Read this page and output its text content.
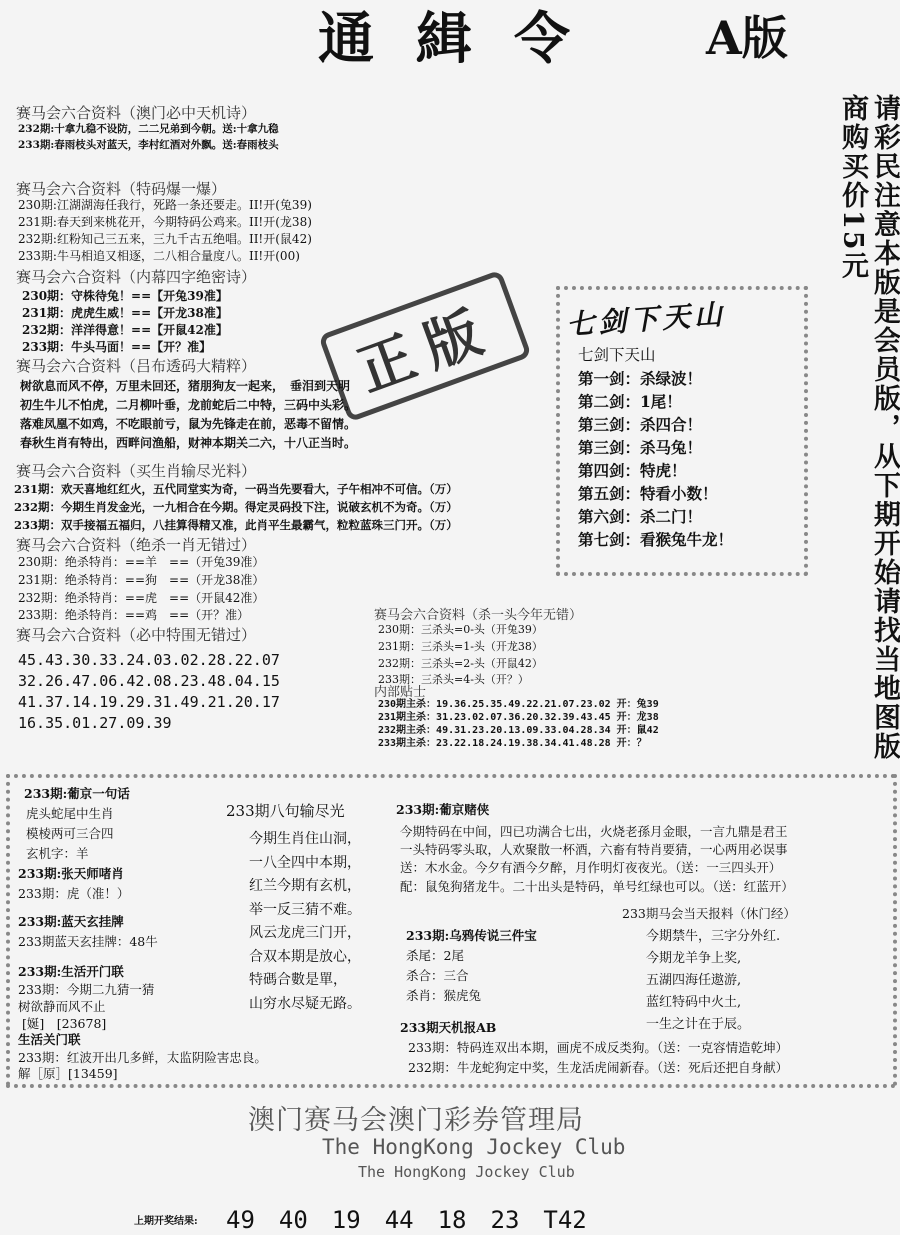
通緝令 A版
请彩民注意本版是会员版，从下期开始请找当地图版商购买价15元
赛马会六合资料（澳门必中天机诗）
232期:十拿九稳不设防，二二兄弟到今朝。送:十拿九稳
233期:春雨枝头对蓝天，李村红酒对外飘。送:春雨枝头
赛马会六合资料（特码爆一爆）
230期:江湖湖海任我行，死路一条还要走。II!开(兔39)
231期:春天到来桃花开，今期特码公鸡来。II!开(龙38)
232期:红粉知己三五来，三九千古五绝唱。II!开(鼠42)
233期:牛马相追又相逐，二八相合量度八。II!开(00)
赛马会六合资料（内幕四字绝密诗）
230期：守株待兔！==【开兔39准】
231期：虎虎生威！==【开龙38准】
232期：洋洋得意！==【开鼠42准】
233期：牛头马面！==【开？准】	正版
赛马会六合资料（吕布透码大精粹）
树欲息而风不停，万里未回还，猪朋狗友一起来，　垂泪到天明
初生牛儿不怕虎，二月柳叶垂，龙前蛇后二中特，三码中头彩。
落难凤凰不如鸡，不吃眼前亏，鼠为先锋走在前，恶毒不留情。
春秋生肖有特出，西畔问渔船，财神本期关二六，十八正当时。
赛马会六合资料（买生肖输尽光料）
231期：欢天喜地红红火，五代同堂实为奇，一码当先要看大，子午相冲不可信。（万）
232期：今期生肖发金光，一九相合在今期。得定灵码投下注，说破玄机不为奇。（万）
233期：双手接福五福归，八挂算得精又准，此肖平生最霸气，粒粒蓝珠三门开。（万）
赛马会六合资料（绝杀一肖无错过）
230期：绝杀特肖：==羊　==（开兔39准）
231期：绝杀特肖：==狗　==（开龙38准）
232期：绝杀特肖：==虎　==（开鼠42准）
233期：绝杀特肖：==鸡　==（开？准）
赛马会六合资料（必中特围无错过）
45.43.30.33.24.03.02.28.22.07
32.26.47.06.42.08.23.48.04.15
41.37.14.19.29.31.49.21.20.17
16.35.01.27.09.39
七剑下天山
七剑下天山
第一剑：杀绿波！
第二剑：1尾！
第三剑：杀四合！
第三剑：杀马兔！
第四剑：特虎！
第五剑：特看小数！
第六剑：杀二门！
第七剑：看猴兔牛龙！
赛马会六合资料（杀一头今年无错）
230期：三杀头=0-头（开兔39）
231期：三杀头=1-头（开龙38）
232期：三杀头=2-头（开鼠42）
233期：三杀头=4-头（开？）
内部贴士
230期主杀：19.36.25.35.49.22.21.07.23.02 开：兔39
231期主杀：31.23.02.07.36.20.32.39.43.45 开：龙38
232期主杀：49.31.23.20.13.09.33.04.28.34 开：鼠42
233期主杀：23.22.18.24.19.38.34.41.48.28 开：？
233期:葡京一句话
虎头蛇尾中生肖
模棱两可三合四
玄机字：羊
233期:张天师啫肖
233期：虎（准！）
233期:蓝天玄挂牌
233期蓝天玄挂牌：48牛
233期:生活开门联
233期：今期二九猜一猜
树欲静而风不止
[娫]　[23678]
生活关门联
233期：红波开出几多鲜，太监阴险害忠良。
解［原］[13459]
233期八句输尽光
今期生肖住山洞，
一八全四中本期，
红兰今期有玄机，
举一反三猜不难。
风云龙虎三门开，
合双本期是放心，
特碼合數是單，
山穷水尽疑无路。
233期:葡京赌侠
今期特码在中间，四已功满合七出，火烧老孫月金眼，一言九鼎是君王
一头特码零头取，人欢聚散一杯酒，六畜有特肖要猜，一心两用必误事
送：木水金。今夕有酒今夕醉，月作明灯夜夜光。（送：一三四头开）
配：鼠兔狗猪龙牛。二十出头是特码，单号红绿也可以。（送：红蓝开）
233期:乌鸦传说三件宝
杀尾：2尾
杀合：三合
杀肖：猴虎兔
233期马会当天报料（休门经）
今期禁牛，三字分外红.
今期龙羊争上奖,
五湖四海任遨游,
蓝红特码中火土,
一生之计在于辰。
233期天机报AB
233期：特码连双出本期，画虎不成反类狗。（送：一克容情造乾坤）
232期：牛龙蛇狗定中奖，生龙活虎闹新春。（送：死后还把自身献）
澳门赛马会澳门彩券管理局
The HongKong Jockey Club
The HongKong Jockey Club
上期开奖结果: 49　40　19　44　18　23　T42
